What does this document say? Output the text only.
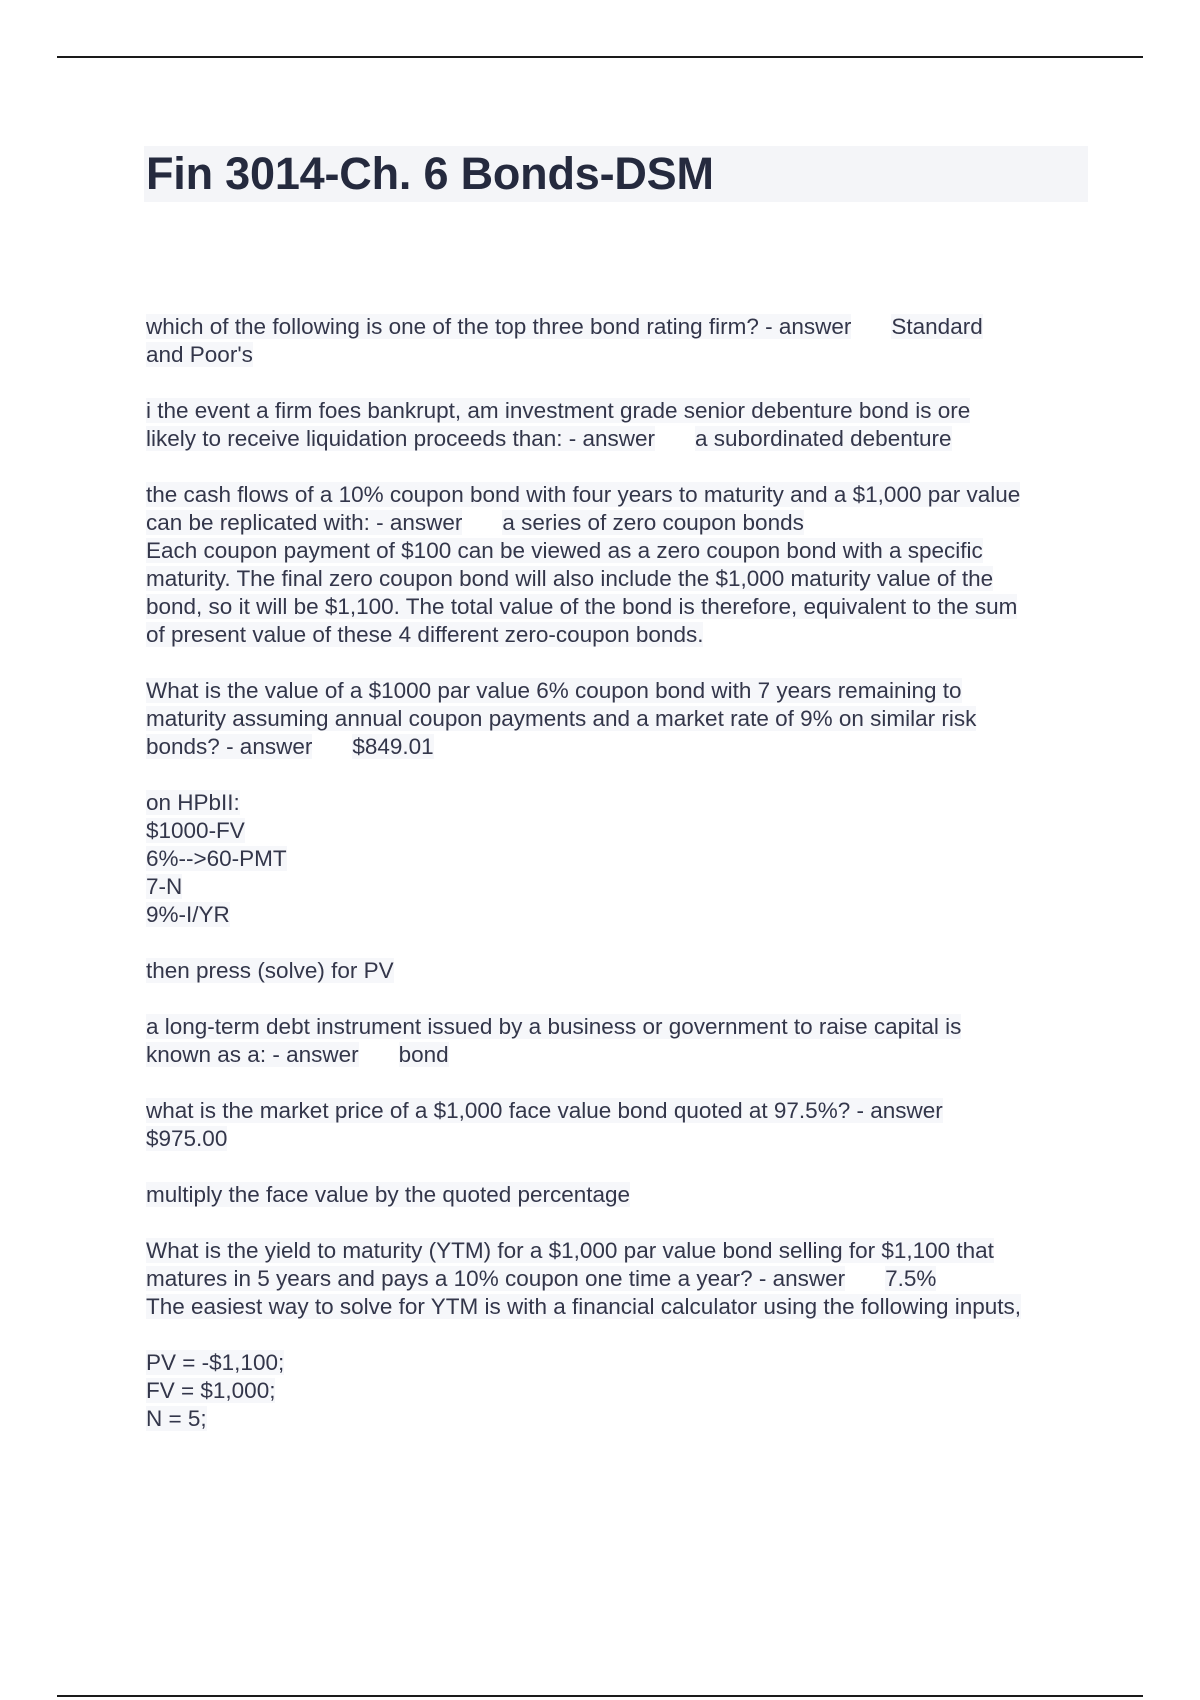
Fin 3014-Ch. 6 Bonds-DSM
which of the following is one of the top three bond rating firm? - answer Standard
and Poor's
i the event a firm foes bankrupt, am investment grade senior debenture bond is ore
likely to receive liquidation proceeds than: - answer a subordinated debenture
the cash flows of a 10% coupon bond with four years to maturity and a $1,000 par value
can be replicated with: - answer a series of zero coupon bonds
Each coupon payment of $100 can be viewed as a zero coupon bond with a specific
maturity. The final zero coupon bond will also include the $1,000 maturity value of the
bond, so it will be $1,100. The total value of the bond is therefore, equivalent to the sum
of present value of these 4 different zero-coupon bonds.
What is the value of a $1000 par value 6% coupon bond with 7 years remaining to
maturity assuming annual coupon payments and a market rate of 9% on similar risk
bonds? - answer $849.01
on HPbII:
$1000-FV
6%-->60-PMT
7-N
9%-I/YR
then press (solve) for PV
a long-term debt instrument issued by a business or government to raise capital is
known as a: - answer bond
what is the market price of a $1,000 face value bond quoted at 97.5%? - answer
$975.00
multiply the face value by the quoted percentage
What is the yield to maturity (YTM) for a $1,000 par value bond selling for $1,100 that
matures in 5 years and pays a 10% coupon one time a year? - answer 7.5%
The easiest way to solve for YTM is with a financial calculator using the following inputs,
PV = -$1,100;
FV = $1,000;
N = 5;
